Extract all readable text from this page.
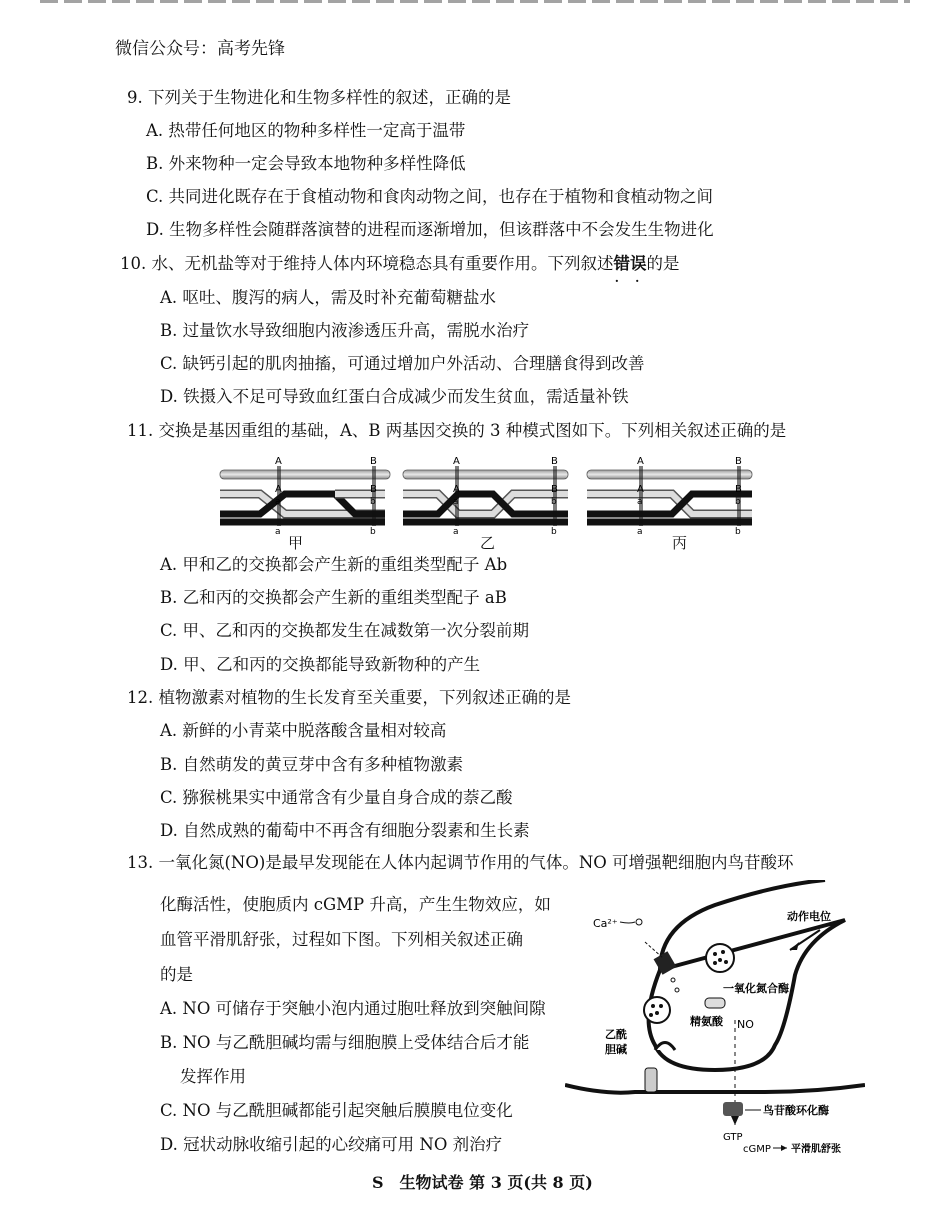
微信公众号：高考先锋
9. 下列关于生物进化和生物多样性的叙述，正确的是
A. 热带任何地区的物种多样性一定高于温带
B. 外来物种一定会导致本地物种多样性降低
C. 共同进化既存在于食植动物和食肉动物之间，也存在于植物和食植动物之间
D. 生物多样性会随群落演替的进程而逐渐增加，但该群落中不会发生生物进化
10. 水、无机盐等对于维持人体内环境稳态具有重要作用。下列叙述错误 · ·的是
A. 呕吐、腹泻的病人，需及时补充葡萄糖盐水
B. 过量饮水导致细胞内液渗透压升高，需脱水治疗
C. 缺钙引起的肌肉抽搐，可通过增加户外活动、合理膳食得到改善
D. 铁摄入不足可导致血红蛋白合成减少而发生贫血，需适量补铁
11. 交换是基因重组的基础，A、B 两基因交换的 3 种模式图如下。下列相关叙述正确的是
A	B
A	B
a	b
a	b
A	B
A	B
a	b
a	b
A	B
A	B
a	b
a	b
甲	乙	丙
A. 甲和乙的交换都会产生新的重组类型配子 Ab
B. 乙和丙的交换都会产生新的重组类型配子 aB
C. 甲、乙和丙的交换都发生在减数第一次分裂前期
D. 甲、乙和丙的交换都能导致新物种的产生
12. 植物激素对植物的生长发育至关重要，下列叙述正确的是
A. 新鲜的小青菜中脱落酸含量相对较高
B. 自然萌发的黄豆芽中含有多种植物激素
C. 猕猴桃果实中通常含有少量自身合成的萘乙酸
D. 自然成熟的葡萄中不再含有细胞分裂素和生长素
13. 一氧化氮(NO)是最早发现能在人体内起调节作用的气体。NO 可增强靶细胞内鸟苷酸环
化酶活性，使胞质内 cGMP 升高，产生生物效应，如
血管平滑肌舒张，过程如下图。下列相关叙述正确
的是
A. NO 可储存于突触小泡内通过胞吐释放到突触间隙
B. NO 与乙酰胆碱均需与细胞膜上受体结合后才能
发挥作用
C. NO 与乙酰胆碱都能引起突触后膜膜电位变化
D. 冠状动脉收缩引起的心绞痛可用 NO 剂治疗
动作电位
Ca²⁺
一氧化氮合酶
精氨酸 NO
乙酰
胆碱
鸟苷酸环化酶
GTP
cGMP 平滑肌舒张
S　生物试卷 第 3 页(共 8 页)
